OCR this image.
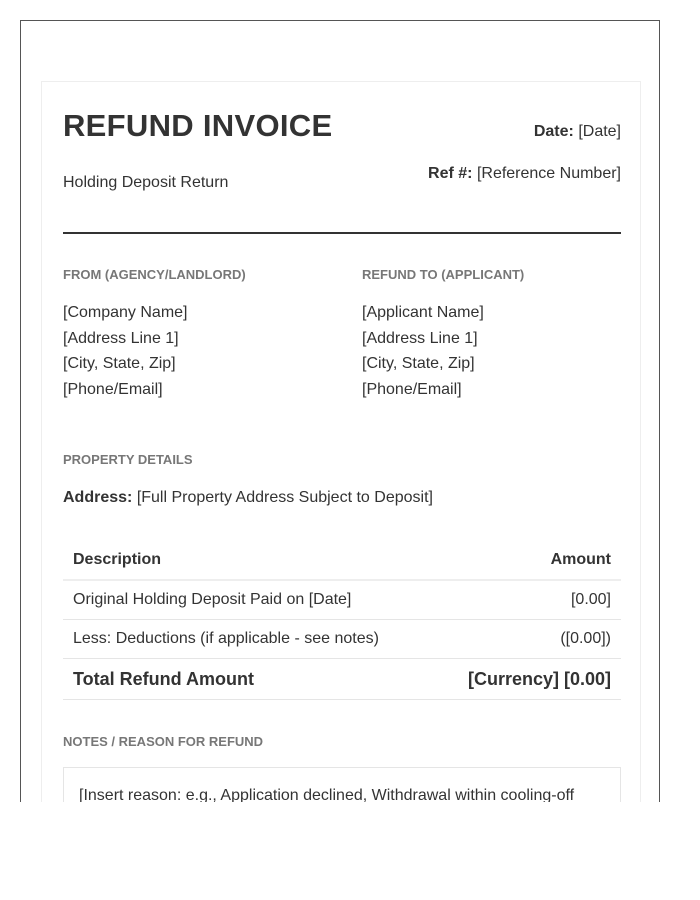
REFUND INVOICE
Holding Deposit Return
Date: [Date]
Ref #: [Reference Number]
FROM (AGENCY/LANDLORD)
[Company Name]
[Address Line 1]
[City, State, Zip]
[Phone/Email]
REFUND TO (APPLICANT)
[Applicant Name]
[Address Line 1]
[City, State, Zip]
[Phone/Email]
PROPERTY DETAILS
Address: [Full Property Address Subject to Deposit]
Description	Amount
Original Holding Deposit Paid on [Date]	[0.00]
Less: Deductions (if applicable - see notes)	([0.00])
Total Refund Amount	[Currency] [0.00]
NOTES / REASON FOR REFUND
[Insert reason: e.g., Application declined, Withdrawal within cooling-off
